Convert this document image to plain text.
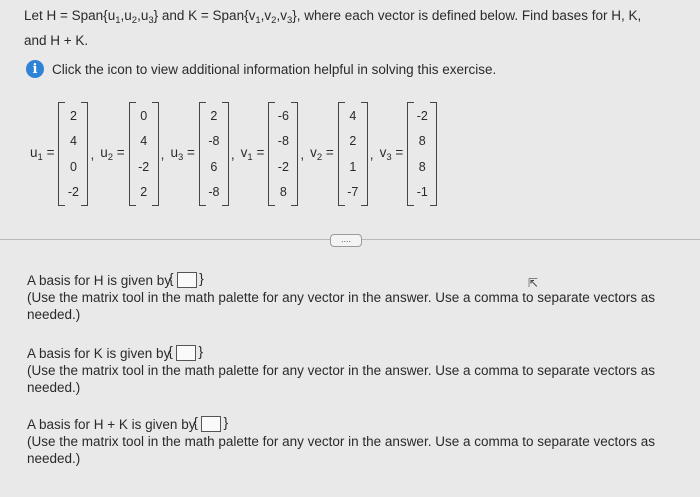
Let $H = Span\{u_1,u_2,u_3\}$ and $K = Span\{v_1,v_2,v_3\}$, where each vector is defined below. Find bases for H, K,
and H + K.
i	Click the icon to view additional information helpful in solving this exercise.
$u_1$ =
2
4
0
-2
, $u_2$ =
0
4
-2
2
, $u_3$ =
2
-8
6
-8
, $v_1$ =
-6
-8
-2
8
, $v_2$ =
4
2
1
-7
, $v_3$ =
-2
8
8
-1
....
A basis for H is given by { }
(Use the matrix tool in the math palette for any vector in the answer. Use a comma to separate vectors as needed.)
A basis for K is given by { }
(Use the matrix tool in the math palette for any vector in the answer. Use a comma to separate vectors as needed.)
A basis for H + K is given by { }
(Use the matrix tool in the math palette for any vector in the answer. Use a comma to separate vectors as needed.)
⇱
